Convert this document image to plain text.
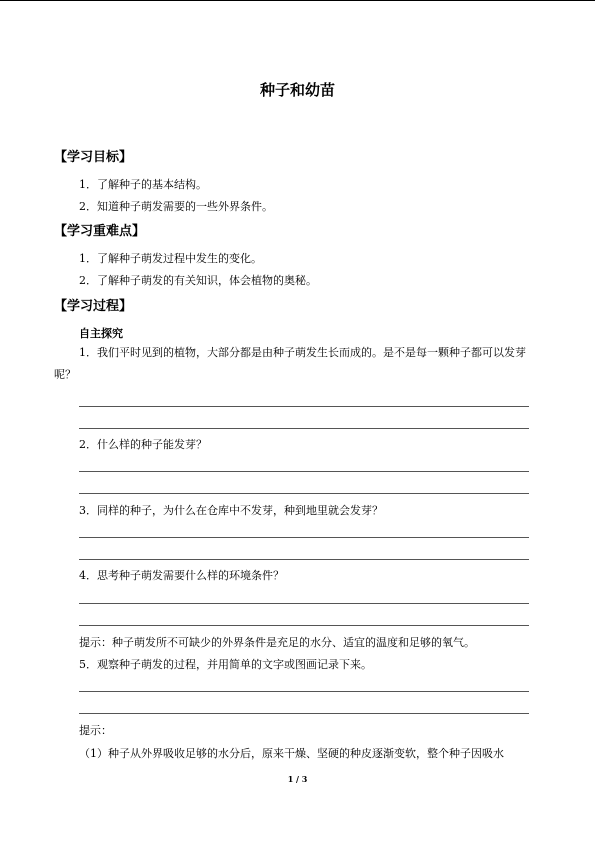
种子和幼苗
【学习目标】
1．了解种子的基本结构。
2．知道种子萌发需要的一些外界条件。
【学习重难点】
1．了解种子萌发过程中发生的变化。
2．了解种子萌发的有关知识，体会植物的奥秘。
【学习过程】
自主探究
1．我们平时见到的植物，大部分都是由种子萌发生长而成的。是不是每一颗种子都可以发芽呢？
2．什么样的种子能发芽？
3．同样的种子，为什么在仓库中不发芽，种到地里就会发芽？
4．思考种子萌发需要什么样的环境条件？
提示：种子萌发所不可缺少的外界条件是充足的水分、适宜的温度和足够的氧气。
5．观察种子萌发的过程，并用简单的文字或图画记录下来。
提示：
（1）种子从外界吸收足够的水分后，原来干燥、坚硬的种皮逐渐变软，整个种子因吸水
1 / 3
